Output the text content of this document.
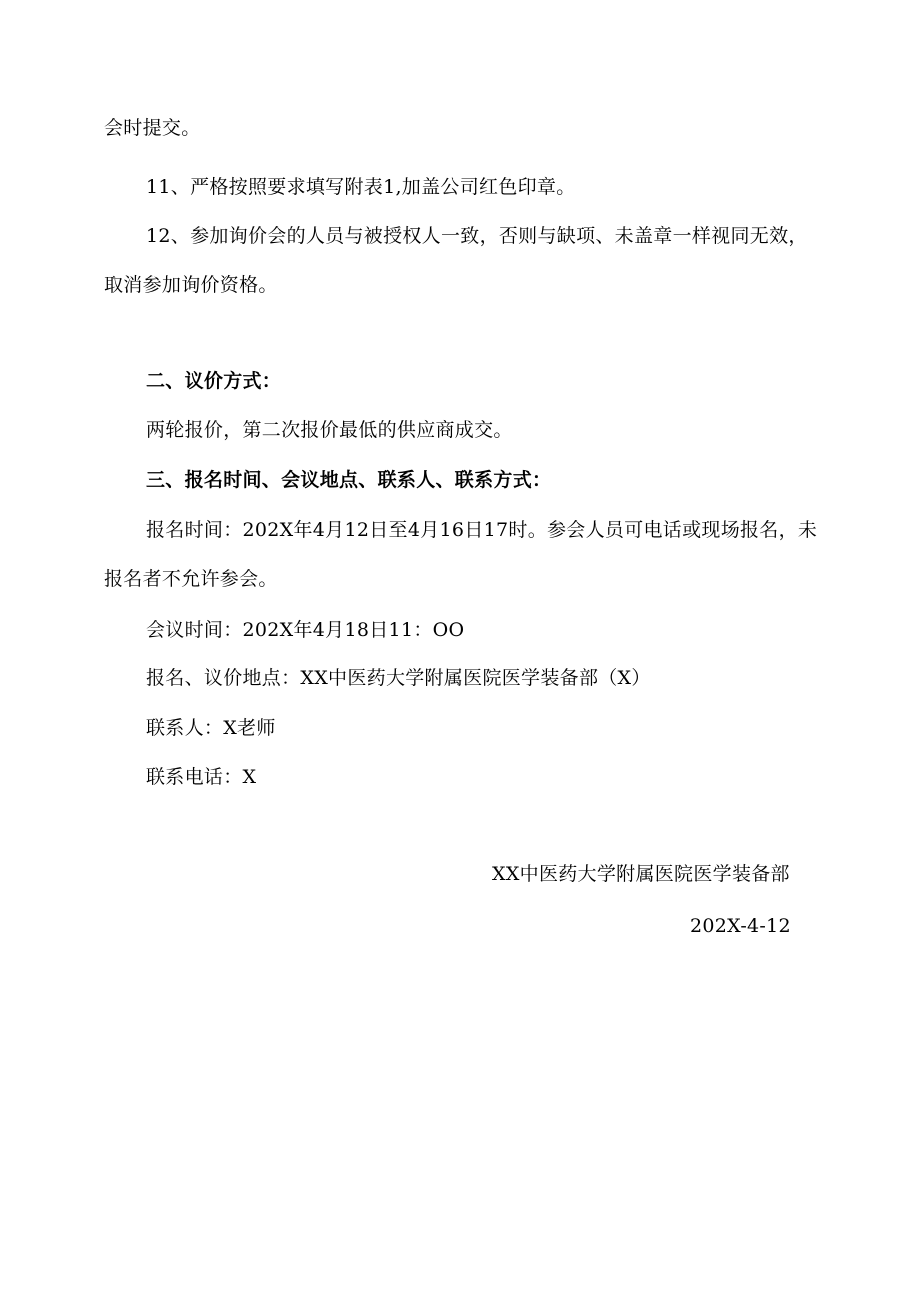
会时提交。
11、严格按照要求填写附表1,加盖公司红色印章。
12、参加询价会的人员与被授权人一致，否则与缺项、未盖章一样视同无效，
取消参加询价资格。
二、议价方式：
两轮报价，第二次报价最低的供应商成交。
三、报名时间、会议地点、联系人、联系方式：
报名时间：202X年4月12日至4月16日17时。参会人员可电话或现场报名，未
报名者不允许参会。
会议时间：202X年4月18日11：OO
报名、议价地点：XX中医药大学附属医院医学装备部（X）
联系人：X老师
联系电话：X
XX中医药大学附属医院医学装备部
202X-4-12
